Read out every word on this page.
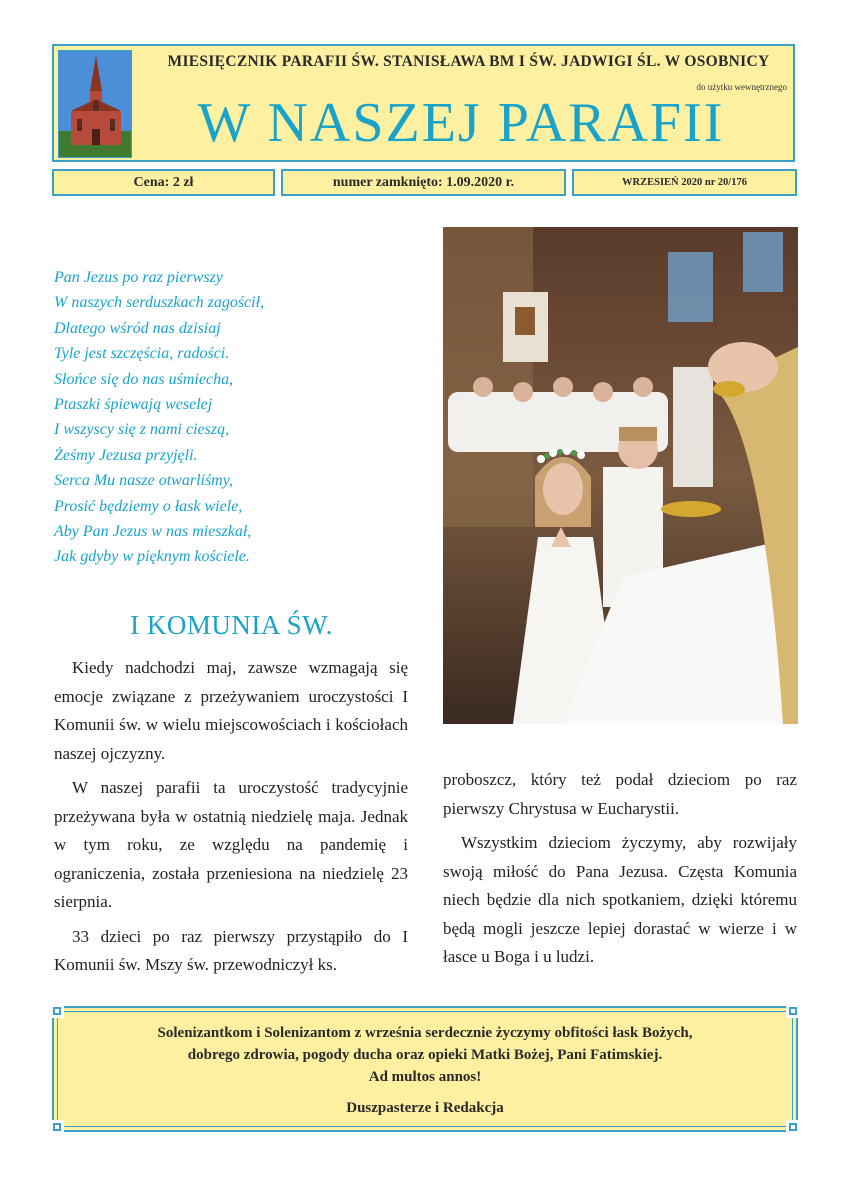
MIESIĘCZNIK PARAFII ŚW. STANISŁAWA BM I ŚW. JADWIGI ŚL. W OSOBNICY
do użytku wewnętrznego
W NASZEJ PARAFII
Cena: 2 zł	numer zamknięto: 1.09.2020 r.	WRZESIEŃ 2020 nr 20/176
Pan Jezus po raz pierwszy
W naszych serduszkach zagościł,
Dlatego wśród nas dzisiaj
Tyle jest szczęścia, radości.
Słońce się do nas uśmiecha,
Ptaszki śpiewają weselej
I wszyscy się z nami cieszą,
Żeśmy Jezusa przyjęli.
Serca Mu nasze otwarliśmy,
Prosić będziemy o łask wiele,
Aby Pan Jezus w nas mieszkał,
Jak gdyby w pięknym kościele.
I KOMUNIA ŚW.

Kiedy nadchodzi maj, zawsze wzmagają się emocje związane z przeżywaniem uroczystości I Komunii św. w wielu miejscowościach i kościołach naszej ojczyzny.

W naszej parafii ta uroczystość tradycyjnie przeżywana była w ostatnią niedzielę maja. Jednak w tym roku, ze względu na pandemię i ograniczenia, została przeniesiona na niedzielę 23 sierpnia.

33 dzieci po raz pierwszy przystąpiło do I Komunii św. Mszy św. przewodniczył ks.

proboszcz, który też podał dzieciom po raz pierwszy Chrystusa w Eucharystii.

Wszystkim dzieciom życzymy, aby rozwijały swoją miłość do Pana Jezusa. Częsta Komunia niech będzie dla nich spotkaniem, dzięki któremu będą mogli jeszcze lepiej dorastać w wierze i w łasce u Boga i u ludzi.

Solenizantkom i Solenizantom z września serdecznie życzymy obfitości łask Bożych,
dobrego zdrowia, pogody ducha oraz opieki Matki Bożej, Pani Fatimskiej.
Ad multos annos!
Duszpasterze i Redakcja
